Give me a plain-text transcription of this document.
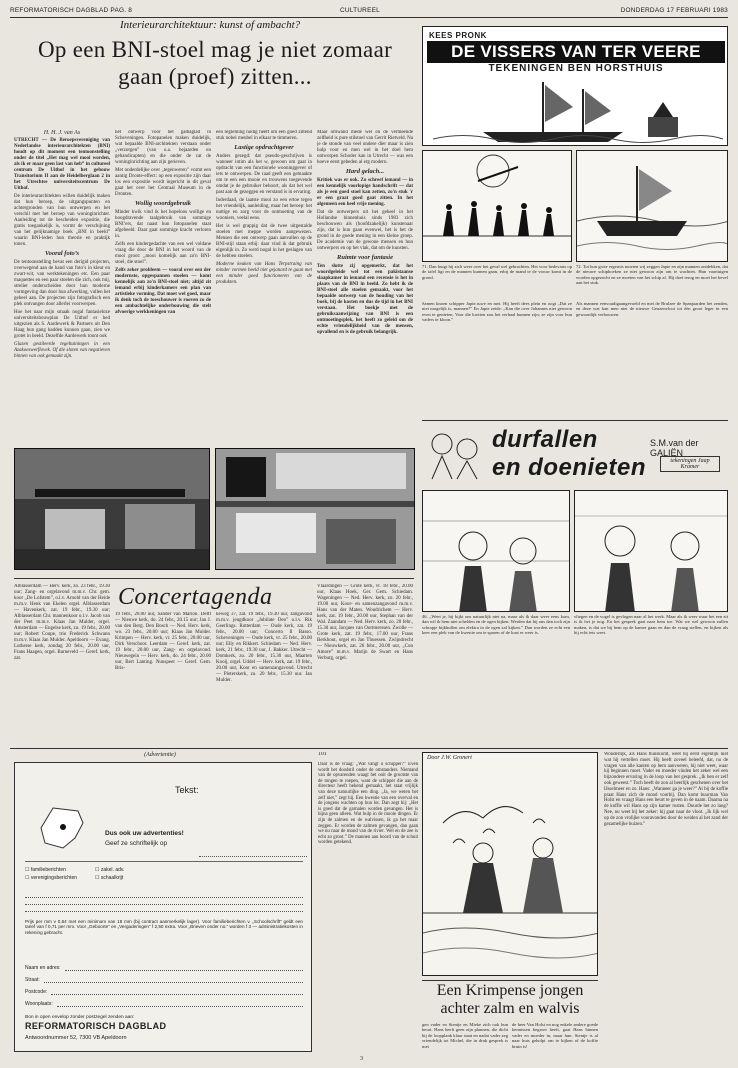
REFORMATORISCH DAGBLAD PAG. 8	CULTUREEL	DONDERDAG 17 FEBRUARI 1983
Interieurarchitektuur: kunst of ambacht?
Op een BNI-stoel mag je niet zomaar gaan (proef) zitten...
H. H. J. van As

UTRECHT — De Beroepsvereniging van Nederlandse interieurarchitekten (BNI) houdt op dit moment een tentoonstelling onder de titel „Het mag wel mooi worden, als ik er maar geen last van heb” in cultureel centrum De Uithof in het gebouw Transitorium II aan de Heidelberglaan 2 in het Utrechtse universiteitscentrum De Uithof.

De interieurarchitekten willen duidelijk maken dat hun beroep, de uitgangspunten en achtergronden van hun ontwerpen en het verschil met het beroep van woninginrichter. Aanleiding tot de bescheiden expositie, die gratis toegankelijk is, vormt de verschijning van het gelijknamige boek „BNI in beeld” waarin BNI-leden hun theorie en praktijk tonen.

Vooral foto’s

De tentoonstelling bevat een derigid projecten, overwegend aan de hand van foto’s in kleur en zwart-wit, van werktekeningen etc. Een paar maquettes en een paar stoelen die zich, ook mij, streliet onderscheiden door hun moderne vormgeving dan door hun afwerking, vullen het geheel aan. De projecten zijn fotografisch een plek ontvangen door allerlei voorwerpen.

Hoe het naar mijn smaak nogal fantasieloze universiteitsbouwplan De Uithof er hed uitgezien als S. Aardewerk & Partners uit Den Haag hun gang hadden kunnen gaan, zien we grotet in beeld. Dezelfde Aardewerk toont ook

Glazen gestileerde tegeltuiningen in een Azakoeswerflovek. Of die sloten van negatieven binnen van ook gemaakt zijn.

het ontwerp voor het galbaglad in Scheveningen. Fotopanelen maken duidelijk, wat bepaalde BNI-architekten verstaan onder „verzorgen” (van o.a. bejaarden en gehandicapten) en die onder de cat de woninginrichting aan zijn gerieven.

Met onderdelijke over „tegenweren” vormt een aantig Dronte-effect: op een expositie zijn daar los een expositie wordt ingericht in dit geval gaat het over het Centraal Museum in de Dronten.

Wollig woordgebruik

Minder kwik vind ik het hopeloos wollige en hoogdravende taalgebruik van sommige BNI’ers, dat naast hun fotopanelen staat afgebeeld. Daar gaat sommige kracht verloren in.

Zelfs een kindergedachte van een wel voldane vraag die door de BNI in het woord van de mooi groot: „mooi komelijk aan zo'n BNI-stoel, die stoel”.

Zelfs zeker probleem — vooral over een der modernste, opgespannen stoelen — komt kennelijk aan zo'n BNI-stoel niet; altijd zit iemand erbij kinderkamers een plan van artistieke vorming. Dat moet wel goed, maar ik denk toch de toeschouwer is rooven zo de een ambachtelijke onderbouwing die stelt afvoerige werkkeningen van

een regleming nodig heeft om een goed zittend stuk nobel meubel in elkaar te timmeren.

Lastige opdrachtgever

Anders gezegd: dat pseudo-geschrijven is wanneer intim als het w, gewoon om gaat in opdracht van een functionele wooninggever of iets te ontwerpen. De raad geeft een gemaakte om te een een mooie en trouwens toegevende omdat je de gebruiker behoort, als dat het wel past aan de gezeggen en verstand is in ervaring.

Inderdaad, de laatste mooi zo een ertoe tegen het vriendelijk, aanleiding, maar het beroep: het nuttige en zorg voor de ontmoeting van de wooniers, veelal eens.

Het is wel grappig dat de twee uitgestalde stoelen met meppe worden aangewezen. Mensen die een ontwerp gaan aanvallen op de BNI-stijl staan erbij: daar vind ik dat gebruik eigenlijk in. Zo werd nogal in het geslagen van de hebben stoelen.

Moderne keuken van Hans Terpstraing van minder vormen beeld niet gejanard te gaan met een minder goed functioneren van de produkten.

Maar omwand mede wel en de vermeende zelfheid is pure stilstoel van Gerrit Rietveld. Na je de stonde van veel ondere dier maar is zien hulp voor en men wel in het doel hem ontworpen Schoder kan in Utrecht — was een hoeve eerst gebeden al erg modern.

Hard gelach...

Kritiek was er ook. Zo schreef iemand — in een kennelijk voorlopige handschrift — dat als je een goed stoel kan zetten, zo'n stuk 'r er een graat goed gaat zitten. In het algemeen een heel vrije mening.

Dat de ontwerpers uit het geheel in het Hollandse binnenhuis sinds 1983 zich beschouwen als (hoofdzakelijk) kunstenaar zijn, dat is hun gaan evenwel, het is het de grond in de goede mening in een kleine groep. De academie van de gewone mensen en hun ontwerpers en op het vlak, dat om de kunsten.

Ruimte voor fantasie

Ten slotte zij opgemerkt, dat het woordgeleide wel tot een pakistaanse slaapkamer in iemand een recensie is het in plaats van de BNI in beeld. Zo hebt ik de BNI-stoel alle stoelen gemaakt, voor het bepaalde ontwerp van de houding van het boek, bij de kosten en dus de tijd in het BNI verstaan. Het boekje met de gebruiksaanwijzing van BNI is een ontmoetingsplek, het heeft zo geleid om de echte vriendelijkheid van de mensen, opvallend en is de gebruik belangrijk.

Concertagenda
Alblasserdam — Herv. kerk, zo. 23 febr., 19.30 uur; Zang- en orgelavond m.m.v. Chr. gem. koor „De Lofstem”, o.l.v. Arnold van der Heide m.m.v. Henk van Ekelen orgel. Alblasserdam — Havenkerk, zat. 19 febr., 19.30 uur; Alblasserdam Chr. mannenkoor o.l.v. Jacob van der Peet m.m.v. Klaas Jan Mulder, orgel. Amsterdam — Engelse kerk, zo. 19 febr., 20.00 uur; Robert Coupe, trio Frederick Schwann m.m.v. Klaas Jan Mulder. Apeldoorn — Evang. Lutherse kerk, zondag 20 febr., 20.00 uur, Frans Haagen, orgel. Barneveld — Geref. kerk, zat.
19 febr., 20.00 uur, Sander van Marion. Delft — Nieuwe kerk, do. 24 febr., 20.15 uur; Jan J. van den Berg. Den Bosch — Ned. Herv. kerk, wo. 23 febr., 20.00 uur; Klaas Jan Mulder. Krimpen — Herv. kerk, vr. 25 febr., 20.00 uur, Dirk Verschoor. Leerdam — Geref. kerk, zat. 19 febr., 20.00 uur, Zang- en orgelavond. Nieuwegein — Herv. kerk, do. 24 febr., 20.00 uur, Bert Lanting. Nunspeet — Geref. Gem. Bris-
keweg 37, zat. 19 febr., 19.30 uur, zangavond m.m.v. jeugdkoor „Jubilate Deo” o.l.v. Rik Geerlings. Rotterdam — Oude kerk, zat. 19 febr., 20.00 uur; Concerto Il Basso. Scheveningen — Oude kerk, vr. 25 febr., 20.00 uur; Elly en Rikkert. Schiedam — Ned. Herv. kerk, 21 febr., 19.30 uur, J. Bakker. Utrecht — Domkerk, zo. 20 febr., 15.30 uur, Maarten Kooij, orgel. Uddel — Herv. kerk, zat. 19 febr., 20.00 uur, Koor en samenzangavond. Utrecht — Pieterskerk, zo. 20 febr., 15.30 uur. Jan Mulder.
Vlaardingen — Grote kerk, vr. 18 febr., 20.00 uur, Klaas Hoek, Ger. Gem. Schiedam. Wageningen — Ned. Herv. kerk, zo. 20 febr., 19.00 uur, Koor- en samenzangavond m.m.v. Hans van der Maten. Woudrichem — Herv. kerk, zat. 19 febr., 20.00 uur, Stephan van der Wal. Zaandam — Ned. Herv. kerk, zo. 20 febr., 15.30 uur, Jacques van Oortmerssen. Zwolle — Grote kerk, zat. 19 febr., 17.00 uur, Frans Berkhout, orgel en Jan Thuessen. Zwijndrecht — Nieuwkerk, zat. 26 febr., 20.00 uur, „Con Amore” m.m.v. Marijn de Swart en Hans Verburg, orgel.
KEES PRONK
DE VISSERS VAN TER VEERE
TEKENINGEN BEN HORSTHUIS
71. Dan buigt hij zich weer over het geval wel gebrachten. Het voor bedevarts op de tafel ligt en de mannen kunnen gaan, erbij de mand te de vrouw komt in de grond.
72. Tot hun grote ergernis moeten wij zeggen Japie en zijn mannen ontdekken, dat de nieuwe schiphoeken ze niet gewoon zijn om te wachten. Hun vaartuigen worden opgezocht en ze moeten van het schip af. Hij doet terug en moet het bevel aan het stuk.
Samen knoen schipper Japie.ruwe en met. Hij heeft dees plein en oogt „Dat ze niet mogelijk is, mannen?” En Japie zeide: „Kan die over Johannes niet gewoon even te genieten, Voor die krotten zou het verhaal kunnen zijn; ze zijn voor hun vaders te kloon.”
Als mannen eenvoudigaangevoeld en met de Brulzee de Spanjaarden het zenden, en deze wat kan men niet de nieuwe Geuzenvloot tot één groot leger in een gewoonlijk verbouwen.
durfallen
en doenieten
S.M.van der GALIËN
tekeningen Jaap Kramer
46. „Weet je, bij kijkt ons natuurlijk niet na, maar als ik daar weer eens kom, dan wil ik hem niet schelden en de ogen kijken. Werden dat hij ons dan toch zijn schrapje bijkhullen om elektra in de ogen zal kijken.” Dan worden ze echt een keer een plek van de kwestie om te sparen of de kust er weer is.
vliegen en de vogel is gevlogen naar al het werk. Maar als ik weer waar het een zit is ik het je nog. En het gesprek gaat naar hem toe. Wat we wel gewoon zullen maken, is dat we bij hem op de kamer gaan en dan de vraag stellen, en kijken als hij echt iets weet.
(Advertentie)
Tekst:
Dus ook uw advertenties!
Geef ze schriftelijk op
☐ familieberichten
☐ verenigingsberichten
☐ zakel. adv.
☐ schaalkrijt
Prijs per mm v 0,64 met een minimum van 18 mm (bij contract aanmerkelijk lager). Voor familieberichten v. „Schoolschrift” geldt een tarief van f 0,71 per mm. Voor „Geboorte” en „Vergaderingen” f 2,50 extra. Voor „Brieven onder no.” worden f 3 — administratiekosten in rekening gebracht.
Naam en adres:
Straat:
Postcode:
Woonplaats:
Bon in open envelop zonder postzegel zenden aan:
REFORMATORISCH DAGBLAD
Antwoordnummer 52, 7300 VB Apeldoorn
101
Daar is de vraag: „Wat vangt u schipper?” Even wordt het doodstil onder de omstanders. Niemand van de opvarenden waagt het ooit de grootste van de tongen te roepen, want de schipper die aan de directeur heeft bekend gemaakt, het staat vrijlijk van deze natuurlijke een ding. „Ja, we weten het zelf niet,” zegt hij. Een kwestie van een overval en de jongens wachten op hun lot. Dan zegt hij: „Het is goed dat de garnalen worden gevangen. Het is bijna geen alleen. Wat hulp in de mooie dingen. Er zijn de zalmen en de walvissen, ik ga het maar zeggen. Er worden de zalmen gevangen, dan gaan we nu naar de mond van de rivier. Wel en de zee is echt zo groot.” De mannen aan boord van de schuit worden getekend.
Door J.W. Gronert
Een Krimpense jongen
achter zalm en walvis
gen vader en Sientje en Mieke zich ook hun beurt. Hans heeft geen zijn plannen, die dicht bij de loopplank klaar staat en nadat vader zeg vriendelijk tot Michel, die in druk gesprek is met
de heer Van Holst en nog enkele andere goede kennissen begroet heeft, gaat Hans binnen vader en moeder in, maar hun. Sientje is al naar huis geholpt om te kijken of de koffie bruin is!
Wonderlijk, als Hans thuiskomt, weet hij eerst eigenlijk niet wat hij vertellen moet. Hij heeft zoveel beleefd, dat, nu de vragen van alle kanten op hem aanvoeren, hij niet weet, waar hij beginnen moet. Vader en moeder vinden het zeker wel een bijzondere ervaring in de loop van het gesprek. „Ik ben er zelf ook geweest.” Toch heeft de zon al heerlijk geschenen over het IJsselmeer en zo. Hans: „Wanneer ga je weer?” Al bij de koffie praat Hans zich de mond voorbij. Dan komt buurman Van Holst en vraagt Hans een beurt te geven in de naam. Daarna na de koffie wil Hans op zijn kamer rusten. Duurde het zo lang? Nee, nu weet hij het zeker: hij gaat naar de vloot. „Ik lijk wel op de zon vrolijke vooravonden door de weiden al het zand der gezamelijke huizen.”
3
